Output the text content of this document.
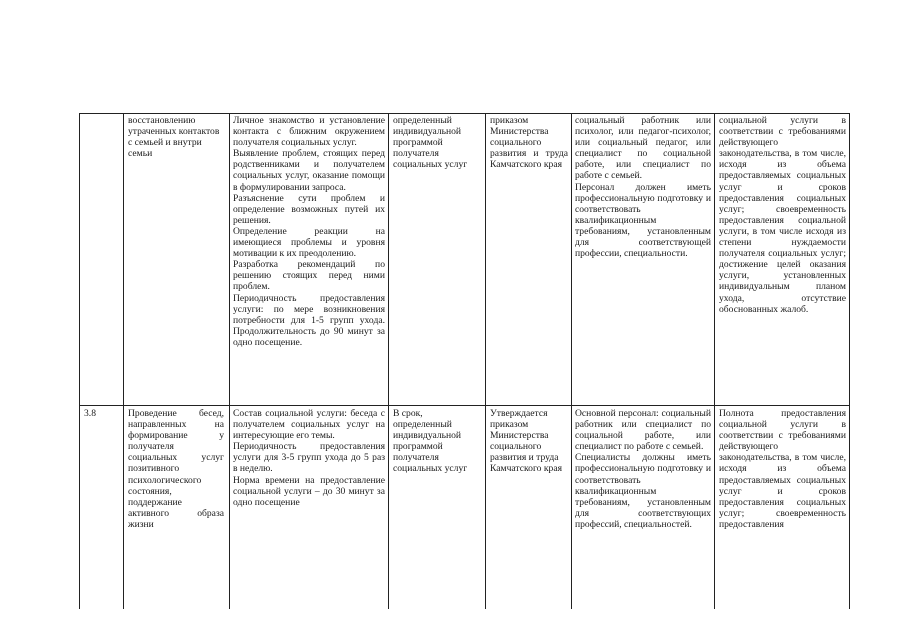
восстановлению утраченных контактов с семьей и внутри семьи

Личное знакомство и установление контакта с ближним окружением получателя социальных услуг.

Выявление проблем, стоящих перед родственниками и получателем социальных услуг, оказание помощи в формулировании запроса.

Разъяснение сути проблем и определение возможных путей их решения.

Определение реакции на имеющиеся проблемы и уровня мотивации к их преодолению.

Разработка рекомендаций по решению стоящих перед ними проблем.

Периодичность предоставления услуги: по мере возникновения потребности для 1-5 групп ухода. Продолжительность до 90 минут за одно посещение.

определенный индивидуальной программой получателя социальных услуг
приказом Министерства социального развития и труда Камчатского края

социальный работник или психолог, или педагог-психолог, или социальный педагог, или специалист по социальной работе, или специалист по работе с семьей.

Персонал должен иметь профессиональную подготовку и соответствовать квалификационным требованиям, установленным для соответствующей профессии, специальности.

социальной услуги в соответствии с требованиями действующего законодательства, в том числе, исходя из объема предоставляемых социальных услуг и сроков предоставления социальных услуг; своевременность предоставления социальной услуги, в том числе исходя из степени нуждаемости получателя социальных услуг; достижение целей оказания услуги, установленных индивидуальным планом ухода, отсутствие обоснованных жалоб.
3.8	Проведение бесед, направленных на формирование у получателя социальных услуг позитивного психологического состояния, поддержание активного образа жизни

Состав социальной услуги: беседа с получателем социальных услуг на интересующие его темы.

Периодичность предоставления услуги для 3-5 групп ухода до 5 раз в неделю.

Норма времени на предоставление социальной услуги – до 30 минут за одно посещение

В срок, определенный индивидуальной программой получателя социальных услуг
Утверждается приказом Министерства социального развития и труда Камчатского края

Основной персонал: социальный работник или специалист по социальной работе, или специалист по работе с семьей.

Специалисты должны иметь профессиональную подготовку и соответствовать квалификационным требованиям, установленным для соответствующих профессий, специальностей.

Полнота предоставления социальной услуги в соответствии с требованиями действующего законодательства, в том числе, исходя из объема предоставляемых социальных услуг и сроков предоставления социальных услуг; своевременность предоставления
